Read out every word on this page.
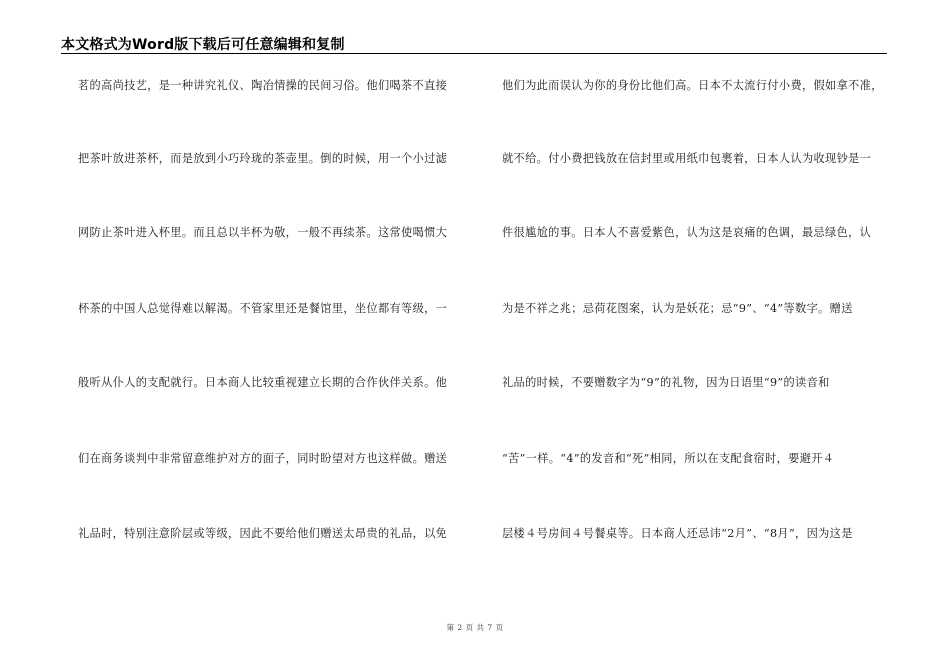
本文格式为Word版下载后可任意编辑和复制
茗的高尚技艺，是一种讲究礼仪、陶冶情操的民间习俗。他们喝茶不直接
把茶叶放进茶杯，而是放到小巧玲珑的茶壶里。倒的时候，用一个小过滤
网防止茶叶进入杯里。而且总以半杯为敬，一般不再续茶。这常使喝惯大
杯茶的中国人总觉得难以解渴。不管家里还是餐馆里，坐位都有等级，一
般听从仆人的支配就行。日本商人比较重视建立长期的合作伙伴关系。他
们在商务谈判中非常留意维护对方的面子，同时盼望对方也这样做。赠送
礼品时，特别注意阶层或等级，因此不要给他们赠送太昂贵的礼品，以免
他们为此而误认为你的身份比他们高。日本不太流行付小费，假如拿不准，
就不给。付小费把钱放在信封里或用纸巾包裹着，日本人认为收现钞是一
件很尴尬的事。日本人不喜爱紫色，认为这是哀痛的色调，最忌绿色，认
为是不祥之兆；忌荷花图案，认为是妖花；忌“9”、“4”等数字。赠送
礼品的时候，不要赠数字为“9”的礼物，因为日语里“9”的读音和
“苦”一样。“4”的发音和“死”相同，所以在支配食宿时，要避开４
层楼４号房间４号餐桌等。日本商人还忌讳“2月”、“8月”，因为这是
第 2 页 共 7 页
